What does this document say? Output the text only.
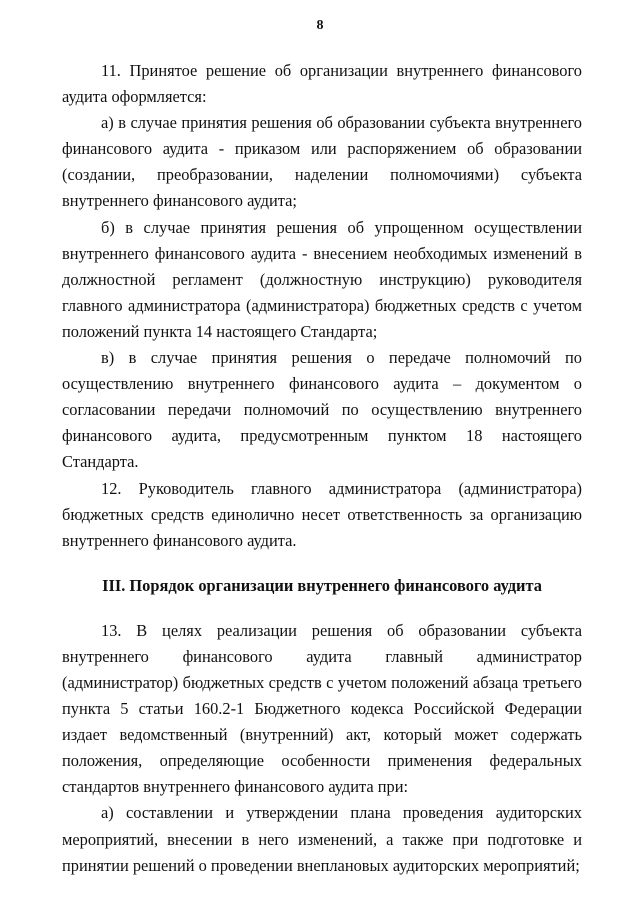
8

11. Принятое решение об организации внутреннего финансового аудита оформляется:

а) в случае принятия решения об образовании субъекта внутреннего финансового аудита - приказом или распоряжением об образовании (создании, преобразовании, наделении полномочиями) субъекта внутреннего финансового аудита;

б) в случае принятия решения об упрощенном осуществлении внутреннего финансового аудита - внесением необходимых изменений в должностной регламент (должностную инструкцию) руководителя главного администратора (администратора) бюджетных средств с учетом положений пункта 14 настоящего Стандарта;

в) в случае принятия решения о передаче полномочий по осуществлению внутреннего финансового аудита – документом о согласовании передачи полномочий по осуществлению внутреннего финансового аудита, предусмотренным пунктом 18 настоящего Стандарта.

12. Руководитель главного администратора (администратора) бюджетных средств единолично несет ответственность за организацию внутреннего финансового аудита.

III. Порядок организации внутреннего финансового аудита

13. В целях реализации решения об образовании субъекта внутреннего финансового аудита главный администратор (администратор) бюджетных средств с учетом положений абзаца третьего пункта 5 статьи 160.2-1 Бюджетного кодекса Российской Федерации издает ведомственный (внутренний) акт, который может содержать положения, определяющие особенности применения федеральных стандартов внутреннего финансового аудита при:

а) составлении и утверждении плана проведения аудиторских мероприятий, внесении в него изменений, а также при подготовке и принятии решений о проведении внеплановых аудиторских мероприятий;
